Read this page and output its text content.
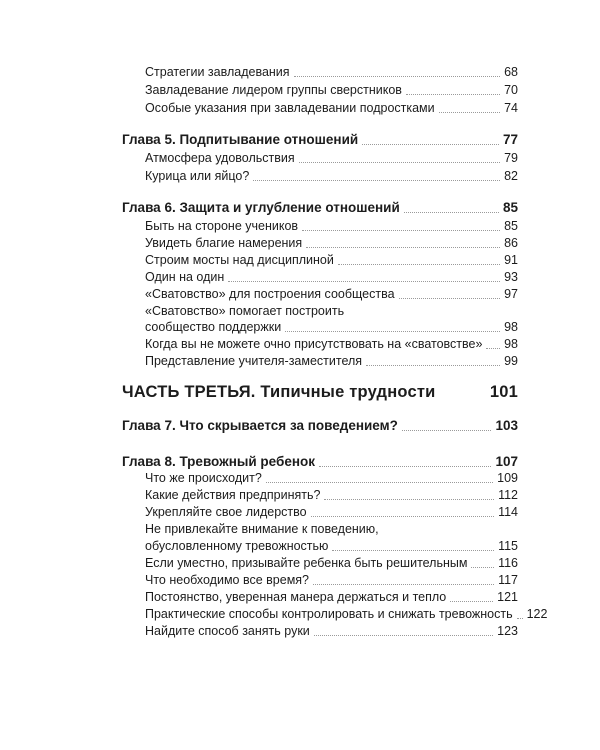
Стратегии завладевания	68
Завладевание лидером группы сверстников	70
Особые указания при завладевании подростками	74
Глава 5. Подпитывание отношений	77
Атмосфера удовольствия	79
Курица или яйцо?	82
Глава 6. Защита и углубление отношений	85
Быть на стороне учеников	85
Увидеть благие намерения	86
Строим мосты над дисциплиной	91
Один на один	93
«Сватовство» для построения сообщества	97
«Сватовство» помогает построить
сообщество поддержки	98
Когда вы не можете очно присутствовать на «сватовстве» 98
Представление учителя-заместителя	99
ЧАСТЬ ТРЕТЬЯ. Типичные трудности	101
Глава 7. Что скрывается за поведением?	103
Глава 8. Тревожный ребенок	107
Что же происходит?	109
Какие действия предпринять?	112
Укрепляйте свое лидерство	114
Не привлекайте внимание к поведению,
обусловленному тревожностью	115
Если уместно, призывайте ребенка быть решительным 116
Что необходимо все время?	117
Постоянство, уверенная манера держаться и тепло	121
Практические способы контролировать и снижать тревожность 122
Найдите способ занять руки	123
